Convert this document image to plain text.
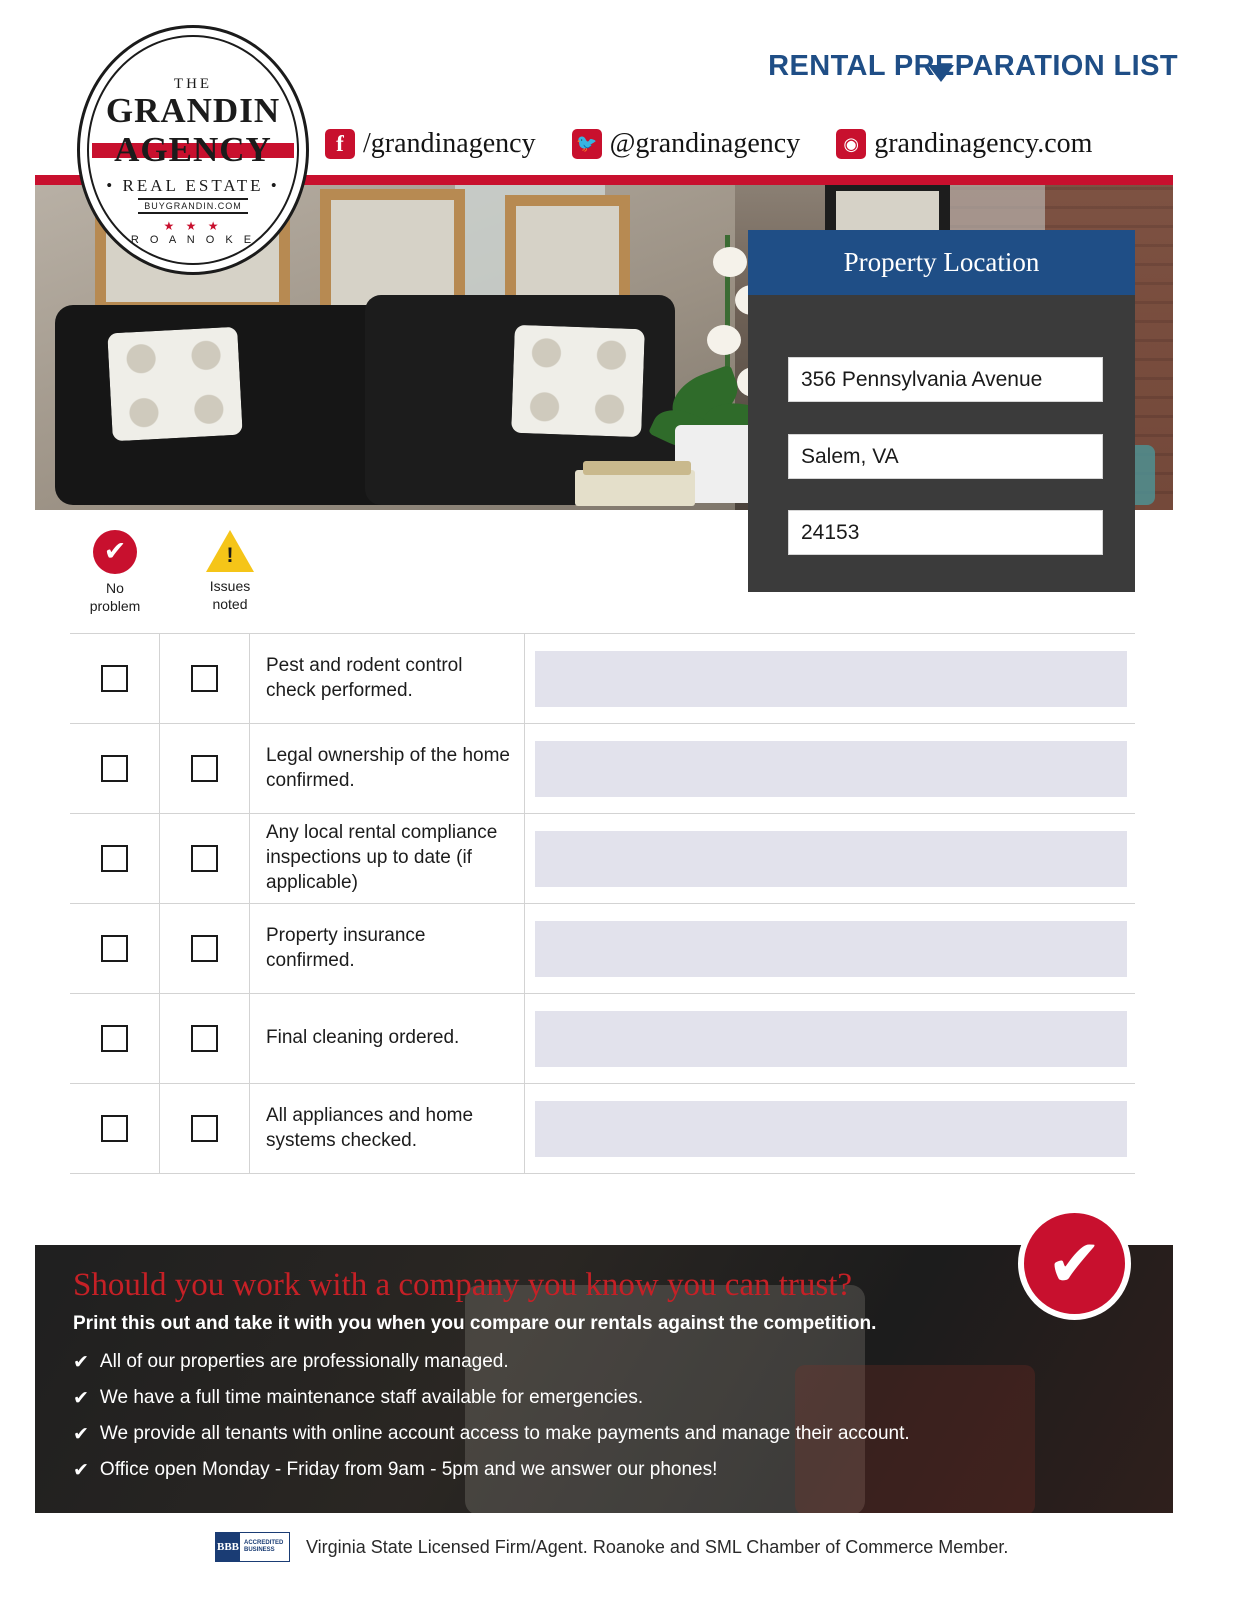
RENTAL PREPARATION LIST
f /grandinagency 🐦 @grandinagency	◉ grandinagency.com
THE
GRANDIN
AGENCY
• REAL ESTATE •
BUYGRANDIN.COM
★ ★ ★
R O A N O K E
Property Location
356 Pennsylvania Avenue
Salem, VA
24153
✔
No
problem
!
Issues
noted
Pest and rodent control check performed.
Legal ownership of the home confirmed.
Any local rental compliance inspections up to date (if applicable)
Property insurance confirmed.
Final cleaning ordered.
All appliances and home systems checked.
Should you work with a company you know you can trust?
Print this out and take it with you when you compare our rentals against the competition.
✔ All of our properties are professionally managed.
✔ We have a full time maintenance staff available for emergencies.
✔ We provide all tenants with online account access to make payments and manage their account.
✔ Office open Monday - Friday from 9am - 5pm and we answer our phones!
✔
BBB ACCREDITED
BUSINESS	Virginia State Licensed Firm/Agent. Roanoke and SML Chamber of Commerce Member.
